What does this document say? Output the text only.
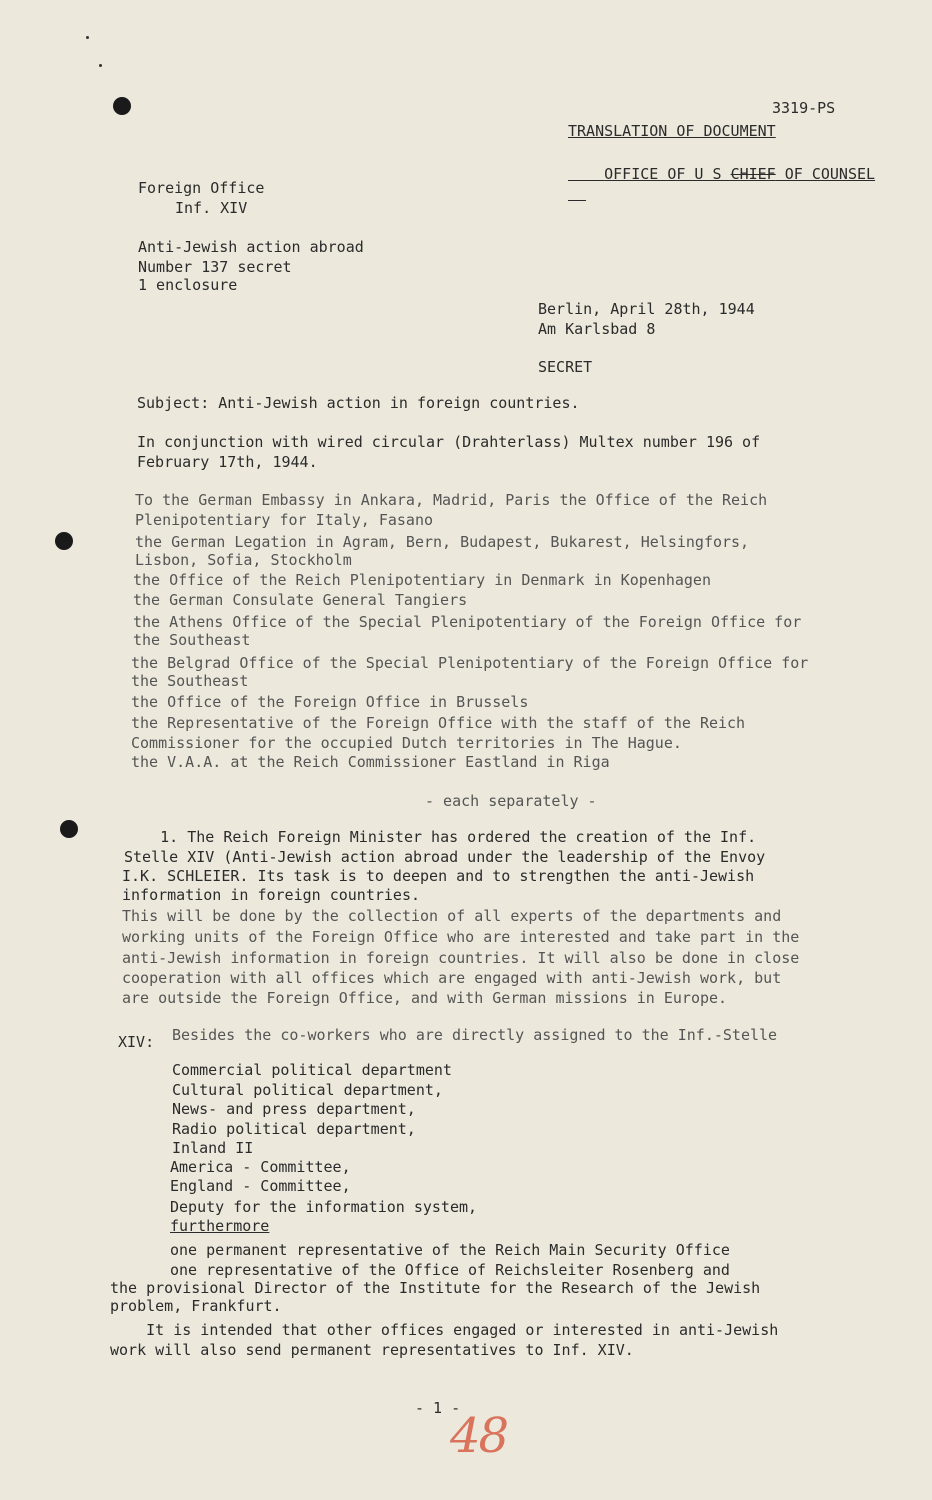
3319-PS
TRANSLATION OF DOCUMENT

OFFICE OF U S CHIEF OF COUNSEL

Foreign Office
Inf. XIV
Anti-Jewish action abroad
Number 137 secret
1 enclosure
Berlin, April 28th, 1944
Am Karlsbad 8
SECRET
Subject: Anti-Jewish action in foreign countries.
In conjunction with wired circular (Drahterlass) Multex number 196 of
February 17th, 1944.
To the German Embassy in Ankara, Madrid, Paris the Office of the Reich
Plenipotentiary for Italy, Fasano
the German Legation in Agram, Bern, Budapest, Bukarest, Helsingfors,
Lisbon, Sofia, Stockholm
the Office of the Reich Plenipotentiary in Denmark in Kopenhagen
the German Consulate General Tangiers
the Athens Office of the Special Plenipotentiary of the Foreign Office for
the Southeast
the Belgrad Office of the Special Plenipotentiary of the Foreign Office for
the Southeast
the Office of the Foreign Office in Brussels
the Representative of the Foreign Office with the staff of the Reich
Commissioner for the occupied Dutch territories in The Hague.
the V.A.A. at the Reich Commissioner Eastland in Riga
- each separately -
1. The Reich Foreign Minister has ordered the creation of the Inf.
Stelle XIV (Anti-Jewish action abroad under the leadership of the Envoy
I.K. SCHLEIER. Its task is to deepen and to strengthen the anti-Jewish
information in foreign countries.
This will be done by the collection of all experts of the departments and
working units of the Foreign Office who are interested and take part in the
anti-Jewish information in foreign countries. It will also be done in close
cooperation with all offices which are engaged with anti-Jewish work, but
are outside the Foreign Office, and with German missions in Europe.
Besides the co-workers who are directly assigned to the Inf.-Stelle
XIV:
Commercial political department
Cultural political department,
News- and press department,
Radio political department,
Inland II
America - Committee,
England - Committee,
Deputy for the information system,
furthermore
one permanent representative of the Reich Main Security Office
one representative of the Office of Reichsleiter Rosenberg and
the provisional Director of the Institute for the Research of the Jewish
problem, Frankfurt.
It is intended that other offices engaged or interested in anti-Jewish
work will also send permanent representatives to Inf. XIV.
- 1 -
48
